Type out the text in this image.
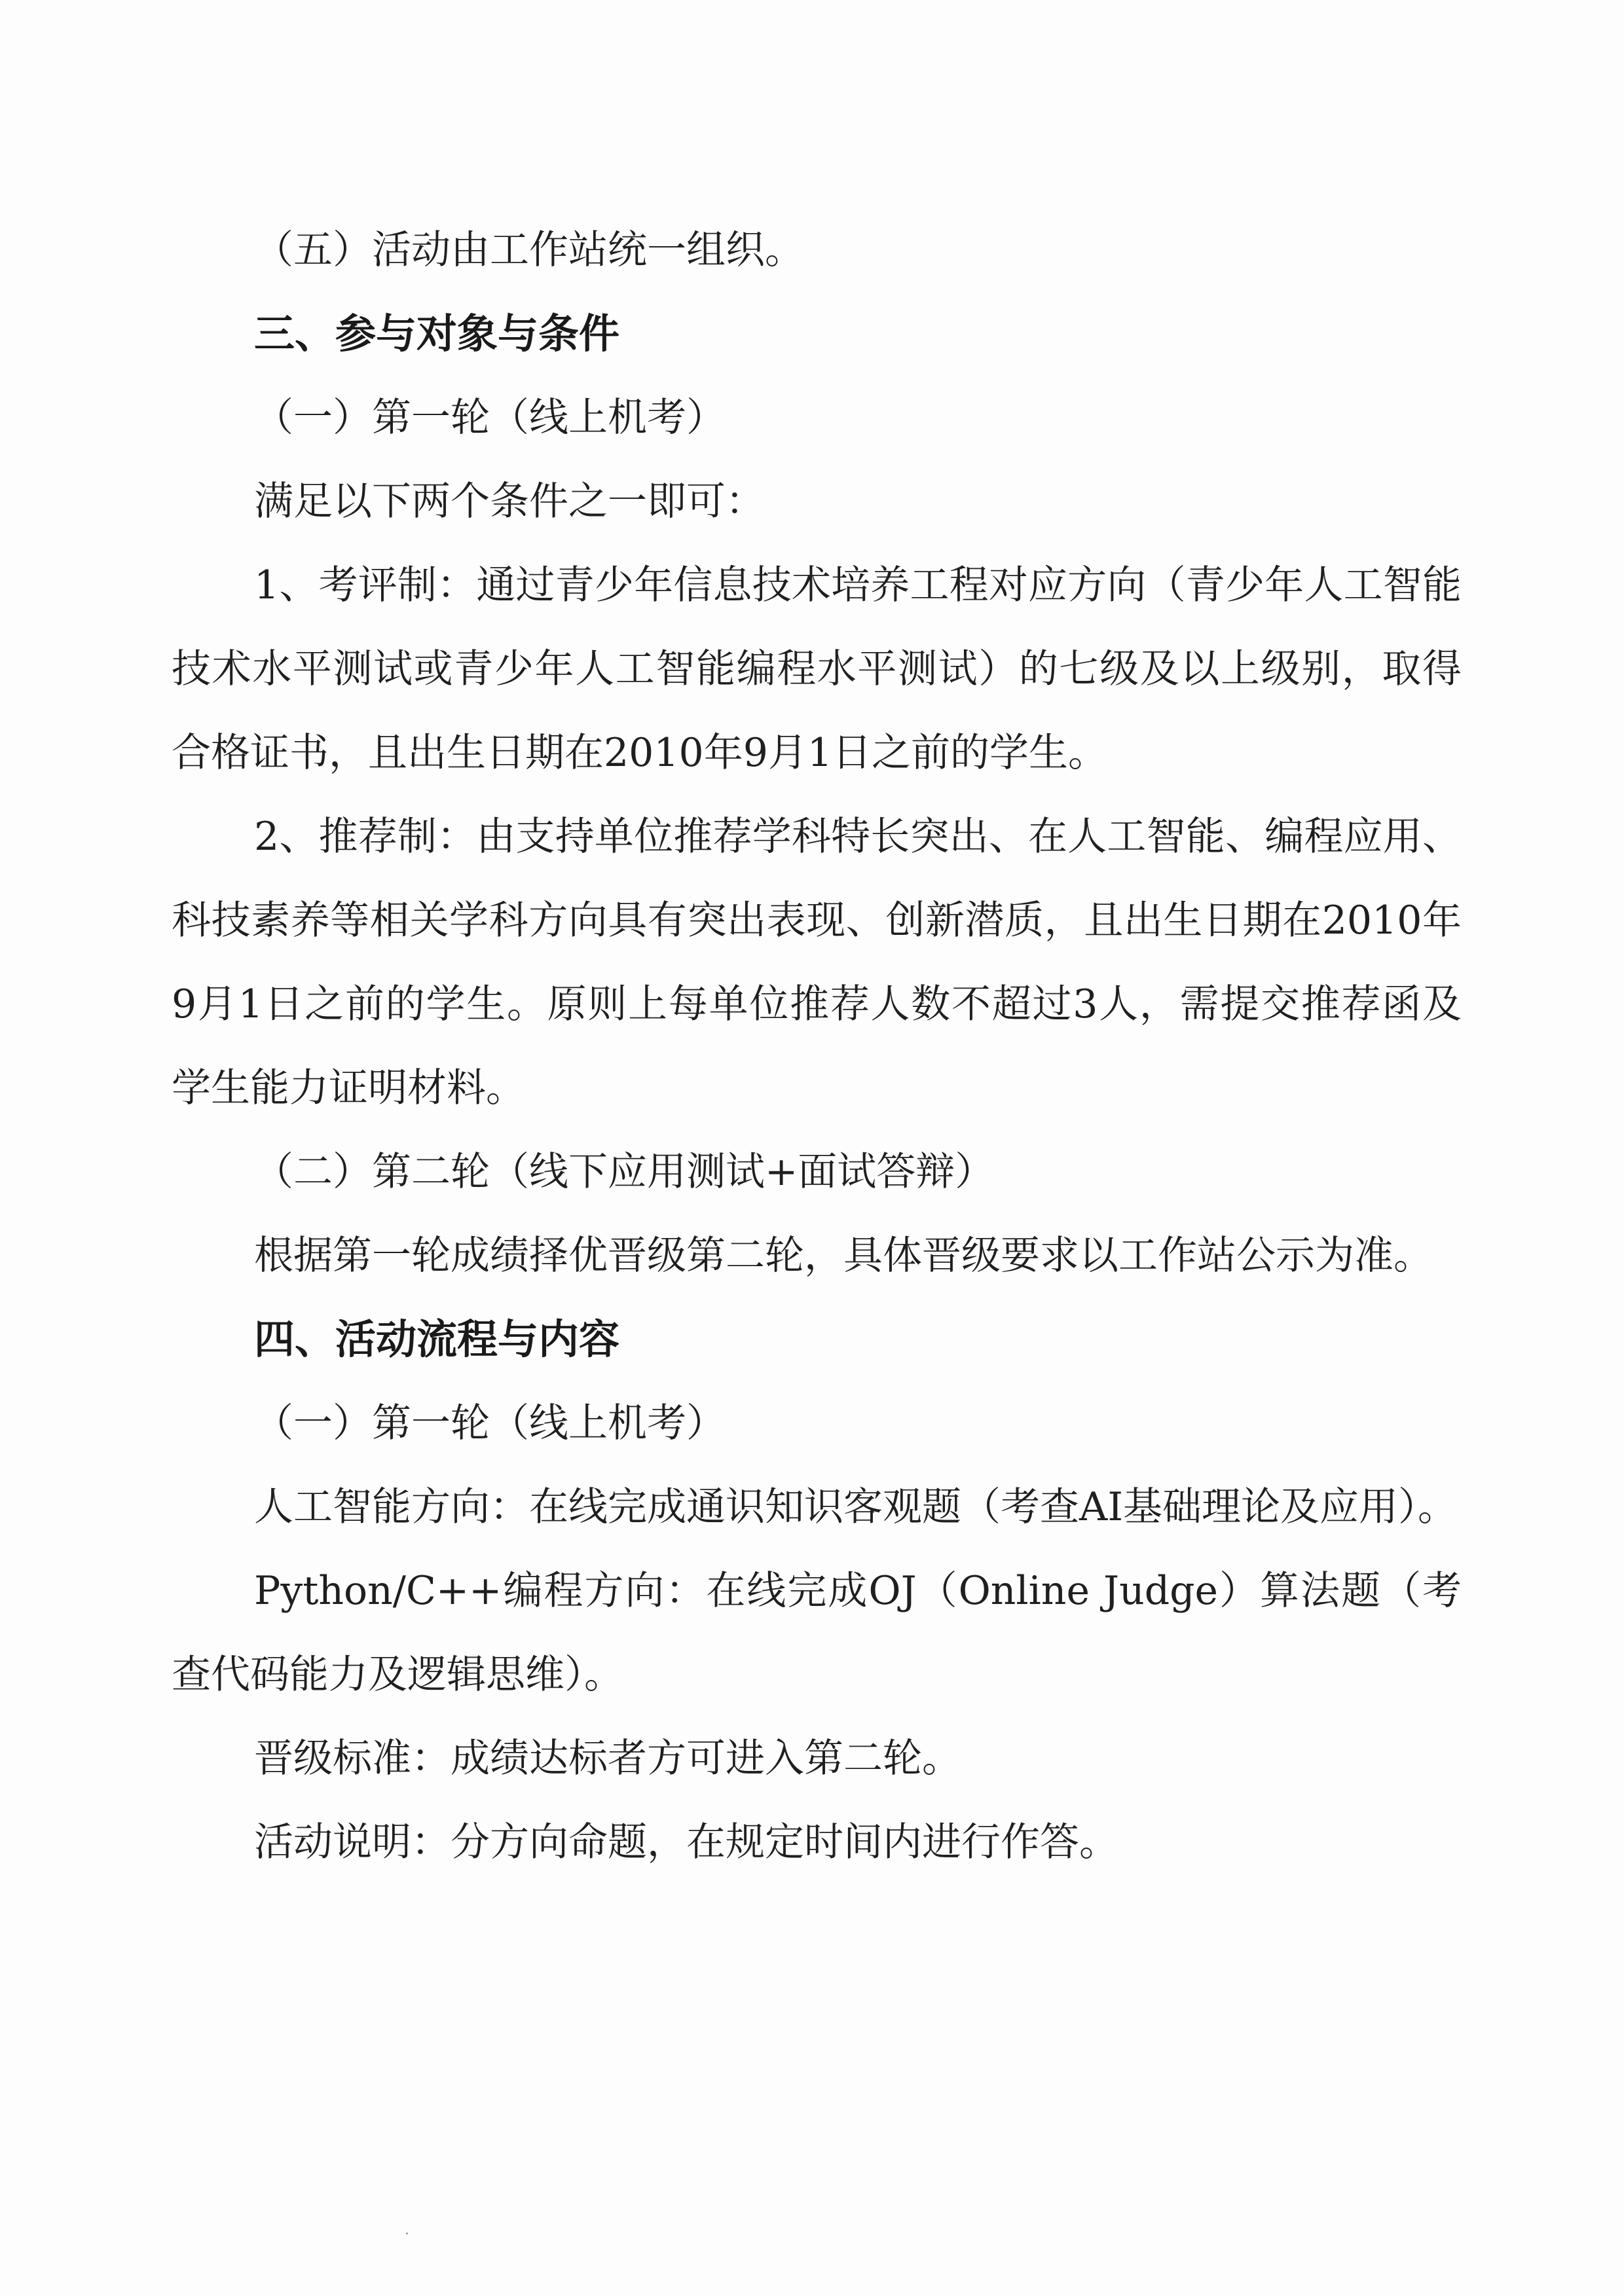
（五）活动由工作站统一组织。

三、参与对象与条件

（一）第一轮（线上机考）

满足以下两个条件之一即可：

1、考评制：通过青少年信息技术培养工程对应方向（青少年人工智能技术水平测试或青少年人工智能编程水平测试）的七级及以上级别，取得合格证书，且出生日期在2010年9月1日之前的学生。

2、推荐制：由支持单位推荐学科特长突出、在人工智能、编程应用、科技素养等相关学科方向具有突出表现、创新潜质，且出生日期在2010年9月1日之前的学生。原则上每单位推荐人数不超过3人，需提交推荐函及学生能力证明材料。

（二）第二轮（线下应用测试+面试答辩）

根据第一轮成绩择优晋级第二轮，具体晋级要求以工作站公示为准。

四、活动流程与内容

（一）第一轮（线上机考）

人工智能方向：在线完成通识知识客观题（考查AI基础理论及应用）。

Python/C++编程方向：在线完成OJ（Online Judge）算法题（考查代码能力及逻辑思维）。

晋级标准：成绩达标者方可进入第二轮。

活动说明：分方向命题，在规定时间内进行作答。
